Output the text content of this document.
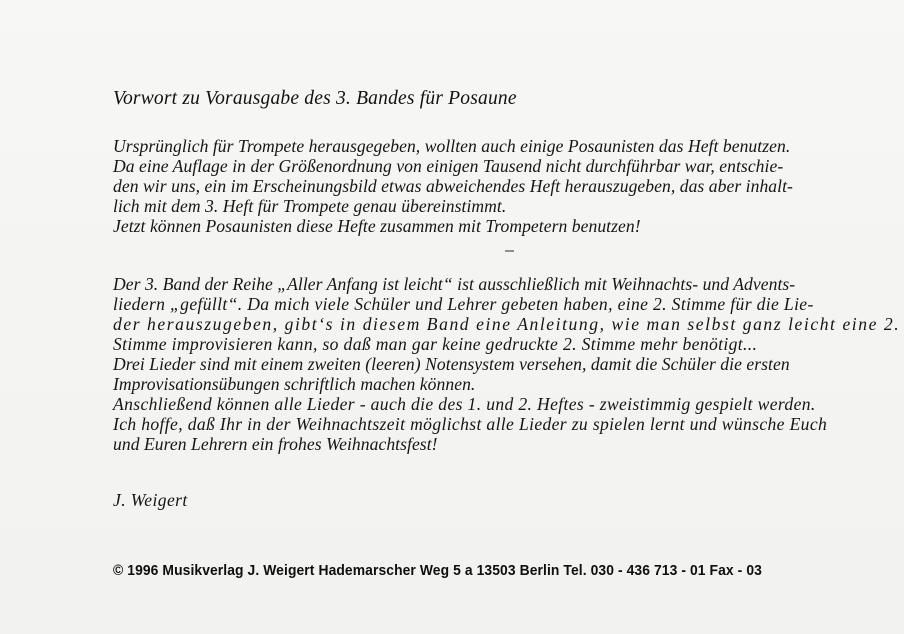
Vorwort zu Vorausgabe des 3. Bandes für Posaune
Ursprünglich für Trompete herausgegeben, wollten auch einige Posaunisten das Heft benutzen.
Da eine Auflage in der Größenordnung von einigen Tausend nicht durchführbar war, entschie-
den wir uns, ein im Erscheinungsbild etwas abweichendes Heft herauszugeben, das aber inhalt-
lich mit dem 3. Heft für Trompete genau übereinstimmt.
Jetzt können Posaunisten diese Hefte zusammen mit Trompetern benutzen!
Der 3. Band der Reihe „Aller Anfang ist leicht“ ist ausschließlich mit Weihnachts- und Advents-
liedern „gefüllt“. Da mich viele Schüler und Lehrer gebeten haben, eine 2. Stimme für die Lie-
der herauszugeben, gibt‘s in diesem Band eine Anleitung, wie man selbst ganz leicht eine 2.
Stimme improvisieren kann, so daß man gar keine gedruckte 2. Stimme mehr benötigt...
Drei Lieder sind mit einem zweiten (leeren) Notensystem versehen, damit die Schüler die ersten
Improvisationsübungen schriftlich machen können.
Anschließend können alle Lieder - auch die des 1. und 2. Heftes - zweistimmig gespielt werden.
Ich hoffe, daß Ihr in der Weihnachtszeit möglichst alle Lieder zu spielen lernt und wünsche Euch
und Euren Lehrern ein frohes Weihnachtsfest!
J. Weigert
© 1996 Musikverlag J. Weigert Hademarscher Weg 5 a 13503 Berlin Tel. 030 - 436 713 - 01 Fax - 03
